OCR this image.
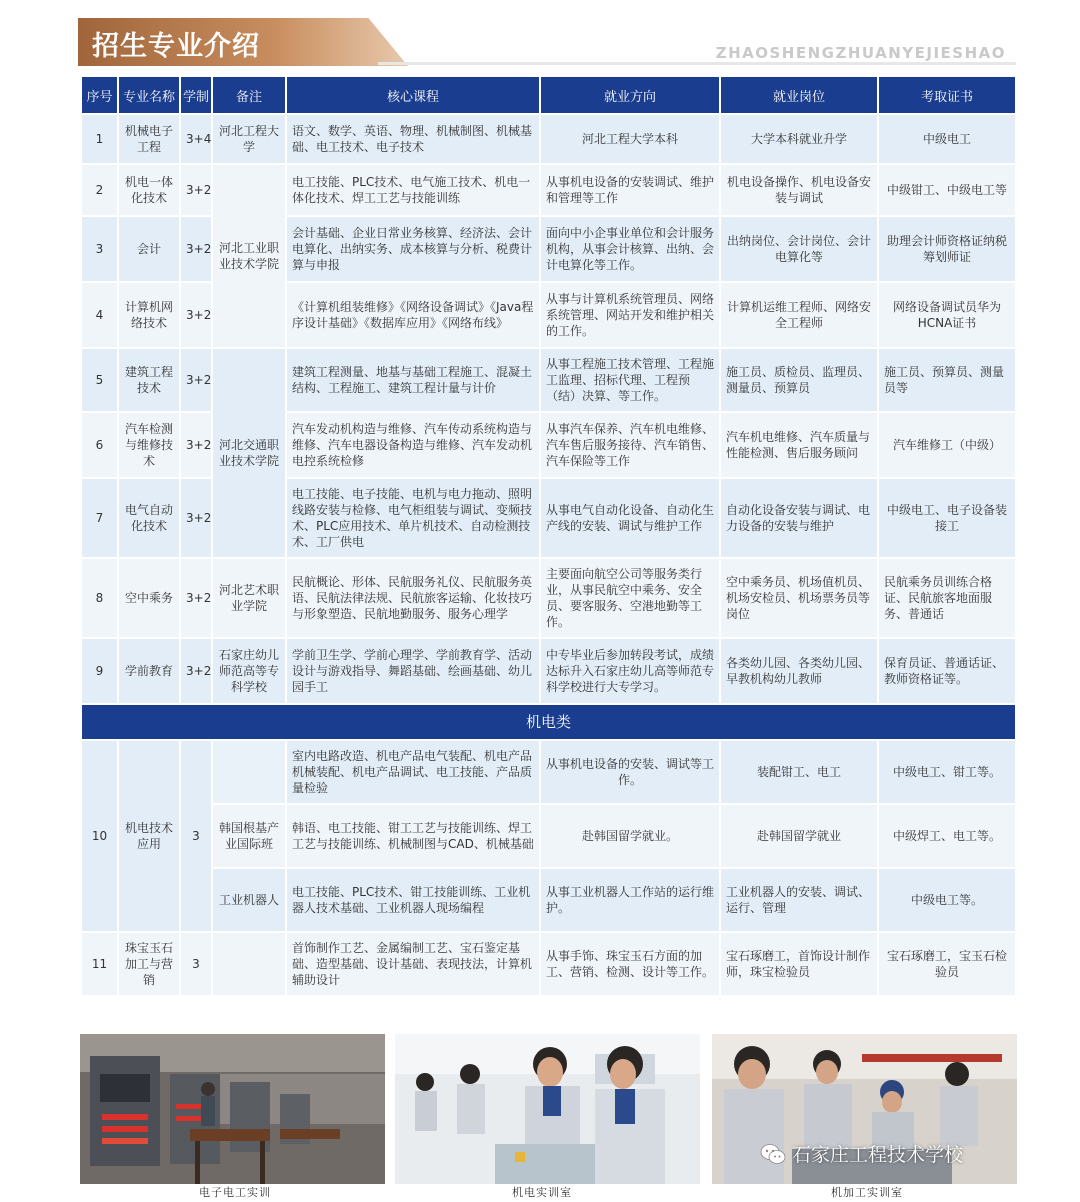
招生专业介绍	ZHAOSHENGZHUANYEJIESHAO
序号	专业名称	学制	备注	核心课程	就业方向	就业岗位	考取证书
1	机械电子工程	3+4	河北工程大学	语文、数学、英语、物理、机械制图、机械基础、电工技术、电子技术	河北工程大学本科	大学本科就业升学	中级电工
2	机电一体化技术	3+2	河北工业职业技术学院	电工技能、PLC技术、电气施工技术、机电一体化技术、焊工工艺与技能训练	从事机电设备的安装调试、维护和管理等工作	机电设备操作、机电设备安装与调试	中级钳工、中级电工等
3	会计	3+2		会计基础、企业日常业务核算、经济法、会计电算化、出纳实务、成本核算与分析、税费计算与申报	面向中小企事业单位和会计服务机构，从事会计核算、出纳、会计电算化等工作。	出纳岗位、会计岗位、会计电算化等	助理会计师资格证纳税筹划师证
4	计算机网络技术	3+2		《计算机组装维修》《网络设备调试》《Java程序设计基础》《数据库应用》《网络布线》	从事与计算机系统管理员、网络系统管理、网站开发和维护相关的工作。	计算机运维工程师、网络安全工程师	网络设备调试员华为HCNA证书
5	建筑工程技术	3+2	河北交通职业技术学院	建筑工程测量、地基与基础工程施工、混凝土结构、工程施工、建筑工程计量与计价	从事工程施工技术管理、工程施工监理、招标代理、工程预（结）决算、等工作。	施工员、质检员、监理员、测量员、预算员	施工员、预算员、测量员等
6	汽车检测与维修技术	3+2		汽车发动机构造与维修、汽车传动系统构造与维修、汽车电器设备构造与维修、汽车发动机电控系统检修	从事汽车保养、汽车机电维修、汽车售后服务接待、汽车销售、汽车保险等工作	汽车机电维修、汽车质量与性能检测、售后服务顾问	汽车维修工（中级）
7	电气自动化技术	3+2		电工技能、电子技能、电机与电力拖动、照明线路安装与检修、电气柜组装与调试、变频技术、PLC应用技术、单片机技术、自动检测技术、工厂供电	从事电气自动化设备、自动化生产线的安装、调试与维护工作	自动化设备安装与调试、电力设备的安装与维护	中级电工、电子设备装接工
8	空中乘务	3+2	河北艺术职业学院	民航概论、形体、民航服务礼仪、民航服务英语、民航法律法规、民航旅客运输、化妆技巧与形象塑造、民航地勤服务、服务心理学	主要面向航空公司等服务类行业，从事民航空中乘务、安全员、要客服务、空港地勤等工作。	空中乘务员、机场值机员、机场安检员、机场票务员等岗位	民航乘务员训练合格证、民航旅客地面服务、普通话
9	学前教育	3+2	石家庄幼儿师范高等专科学校	学前卫生学、学前心理学、学前教育学、活动设计与游戏指导、舞蹈基础、绘画基础、幼儿园手工	中专毕业后参加转段考试，成绩达标升入石家庄幼儿高等师范专科学校进行大专学习。	各类幼儿园、各类幼儿园、早教机构幼儿教师	保育员证、普通话证、教师资格证等。
机电类							
10	机电技术应用	3		室内电路改造、机电产品电气装配、机电产品机械装配、机电产品调试、电工技能、产品质量检验	从事机电设备的安装、调试等工作。	装配钳工、电工	中级电工、钳工等。
			韩国根基产业国际班	韩语、电工技能、钳工工艺与技能训练、焊工工艺与技能训练、机械制图与CAD、机械基础	赴韩国留学就业。	赴韩国留学就业	中级焊工、电工等。
			工业机器人	电工技能、PLC技术、钳工技能训练、工业机器人技术基础、工业机器人现场编程	从事工业机器人工作站的运行维护。	工业机器人的安装、调试、运行、管理	中级电工等。
11	珠宝玉石加工与营销	3		首饰制作工艺、金属编制工艺、宝石鉴定基础、造型基础、设计基础、表现技法，计算机辅助设计	从事手饰、珠宝玉石方面的加工、营销、检测、设计等工作。	宝石琢磨工，首饰设计制作师，珠宝检验员	宝石琢磨工，宝玉石检验员
石家庄工程技术学校
电子电工实训	机电实训室	机加工实训室
